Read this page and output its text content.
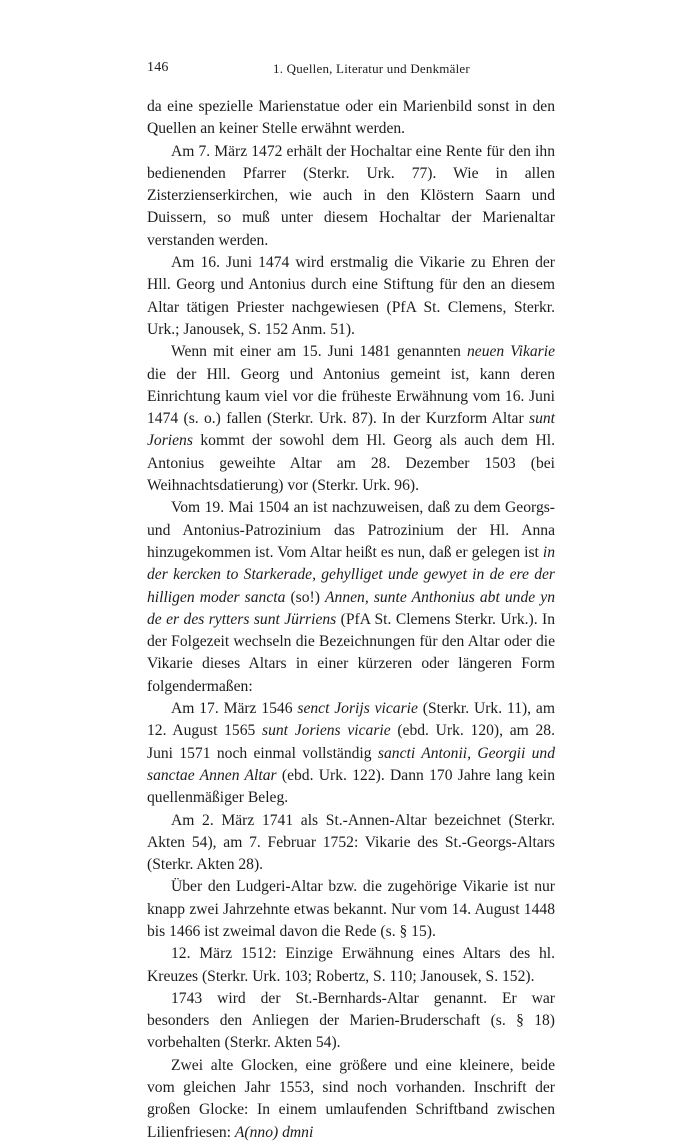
146	1. Quellen, Literatur und Denkmäler

da eine spezielle Marienstatue oder ein Marienbild sonst in den Quellen an keiner Stelle erwähnt werden.

Am 7. März 1472 erhält der Hochaltar eine Rente für den ihn bedienenden Pfarrer (Sterkr. Urk. 77). Wie in allen Zisterzienserkirchen, wie auch in den Klöstern Saarn und Duissern, so muß unter diesem Hochaltar der Marienaltar verstanden werden.

Am 16. Juni 1474 wird erstmalig die Vikarie zu Ehren der Hll. Georg und Antonius durch eine Stiftung für den an diesem Altar tätigen Priester nachgewiesen (PfA St. Clemens, Sterkr. Urk.; Janousek, S. 152 Anm. 51).

Wenn mit einer am 15. Juni 1481 genannten neuen Vikarie die der Hll. Georg und Antonius gemeint ist, kann deren Einrichtung kaum viel vor die früheste Erwähnung vom 16. Juni 1474 (s. o.) fallen (Sterkr. Urk. 87). In der Kurzform Altar sunt Joriens kommt der sowohl dem Hl. Georg als auch dem Hl. Antonius geweihte Altar am 28. Dezember 1503 (bei Weihnachtsdatierung) vor (Sterkr. Urk. 96).

Vom 19. Mai 1504 an ist nachzuweisen, daß zu dem Georgs- und Antonius-Patrozinium das Patrozinium der Hl. Anna hinzugekommen ist. Vom Altar heißt es nun, daß er gelegen ist in der kercken to Starkerade, gehylliget unde gewyet in de ere der hilligen moder sancta (so!) Annen, sunte Anthonius abt unde yn de er des rytters sunt Jürriens (PfA St. Clemens Sterkr. Urk.). In der Folgezeit wechseln die Bezeichnungen für den Altar oder die Vikarie dieses Altars in einer kürzeren oder längeren Form folgendermaßen:

Am 17. März 1546 senct Jorijs vicarie (Sterkr. Urk. 11), am 12. August 1565 sunt Joriens vicarie (ebd. Urk. 120), am 28. Juni 1571 noch einmal vollständig sancti Antonii, Georgii und sanctae Annen Altar (ebd. Urk. 122). Dann 170 Jahre lang kein quellenmäßiger Beleg.

Am 2. März 1741 als St.-Annen-Altar bezeichnet (Sterkr. Akten 54), am 7. Februar 1752: Vikarie des St.-Georgs-Altars (Sterkr. Akten 28).

Über den Ludgeri-Altar bzw. die zugehörige Vikarie ist nur knapp zwei Jahrzehnte etwas bekannt. Nur vom 14. August 1448 bis 1466 ist zweimal davon die Rede (s. § 15).

12. März 1512: Einzige Erwähnung eines Altars des hl. Kreuzes (Sterkr. Urk. 103; Robertz, S. 110; Janousek, S. 152).

1743 wird der St.-Bernhards-Altar genannt. Er war besonders den Anliegen der Marien-Bruderschaft (s. § 18) vorbehalten (Sterkr. Akten 54).

Zwei alte Glocken, eine größere und eine kleinere, beide vom gleichen Jahr 1553, sind noch vorhanden. Inschrift der großen Glocke: In einem umlaufenden Schriftband zwischen Lilienfriesen: A(nno) dmni
